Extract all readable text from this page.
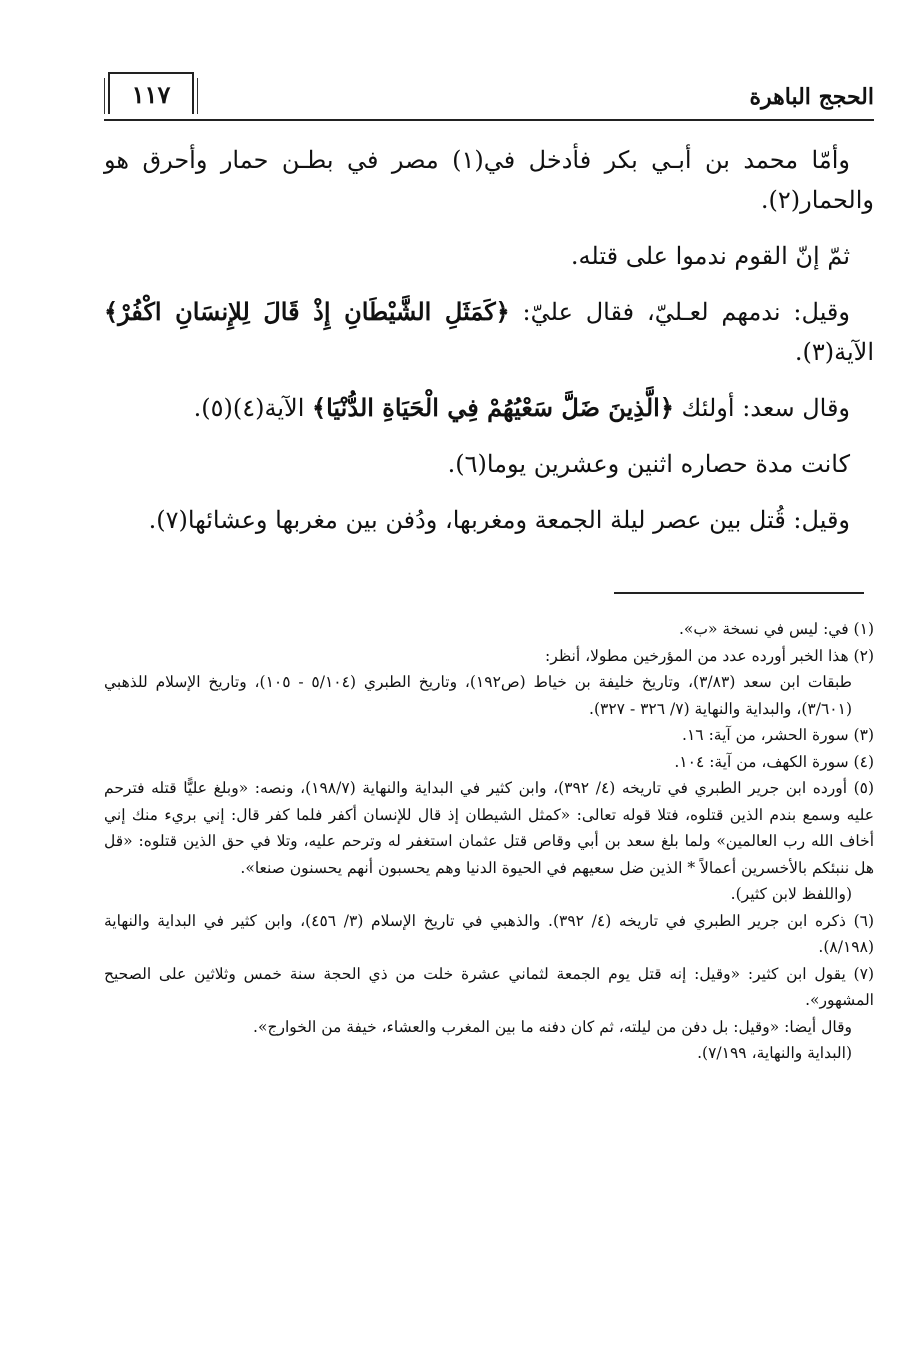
الحجج الباهرة
١١٧

وأمّا محمد بن أبـي بكر فأدخل في(١) مصر في بطـن حمار وأحرق هو والحمار(٢).

ثمّ إنّ القوم ندموا على قتله.

وقيل: ندمهم لعـليّ، فقال عليّ: ﴿كَمَثَلِ الشَّيْطَانِ إِذْ قَالَ لِلإِنسَانِ اكْفُرْ﴾ الآية(٣).

وقال سعد: أولئك ﴿الَّذِينَ ضَلَّ سَعْيُهُمْ فِي الْحَيَاةِ الدُّنْيَا﴾ الآية(٤)(٥).

كانت مدة حصاره اثنين وعشرين يوما(٦).

وقيل: قُتل بين عصر ليلة الجمعة ومغربها، ودُفن بين مغربها وعشائها(٧).

(١) في: ليس في نسخة «ب».

(٢) هذا الخبر أورده عدد من المؤرخين مطولا، أنظر:

طبقات ابن سعد (٣/٨٣)، وتاريخ خليفة بن خياط (ص١٩٢)، وتاريخ الطبري (٥/١٠٤ - ١٠٥)، وتاريخ الإسلام للذهبي (٣/٦٠١)، والبداية والنهاية (٧/ ٣٢٦ - ٣٢٧).

(٣) سورة الحشر، من آية: ١٦.

(٤) سورة الكهف، من آية: ١٠٤.

(٥) أورده ابن جرير الطبري في تاريخه (٤/ ٣٩٢)، وابن كثير في البداية والنهاية (١٩٨/٧)، ونصه: «وبلغ عليًّا قتله فترحم عليه وسمع بندم الذين قتلوه، فتلا قوله تعالى: «كمثل الشيطان إذ قال للإنسان أكفر فلما كفر قال: إني بريء منك إني أخاف الله رب العالمين» ولما بلغ سعد بن أبي وقاص قتل عثمان استغفر له وترحم عليه، وتلا في حق الذين قتلوه: «قل هل ننبئكم بالأخسرين أعمالاً * الذين ضل سعيهم في الحيوة الدنيا وهم يحسبون أنهم يحسنون صنعا».

(واللفظ لابن كثير).

(٦) ذكره ابن جرير الطبري في تاريخه (٤/ ٣٩٢). والذهبي في تاريخ الإسلام (٣/ ٤٥٦)، وابن كثير في البداية والنهاية (٨/١٩٨).

(٧) يقول ابن كثير: «وقيل: إنه قتل يوم الجمعة لثماني عشرة خلت من ذي الحجة سنة خمس وثلاثين على الصحيح المشهور».

وقال أيضا: «وقيل: بل دفن من ليلته، ثم كان دفنه ما بين المغرب والعشاء، خيفة من الخوارج».

(البداية والنهاية، ٧/١٩٩).
